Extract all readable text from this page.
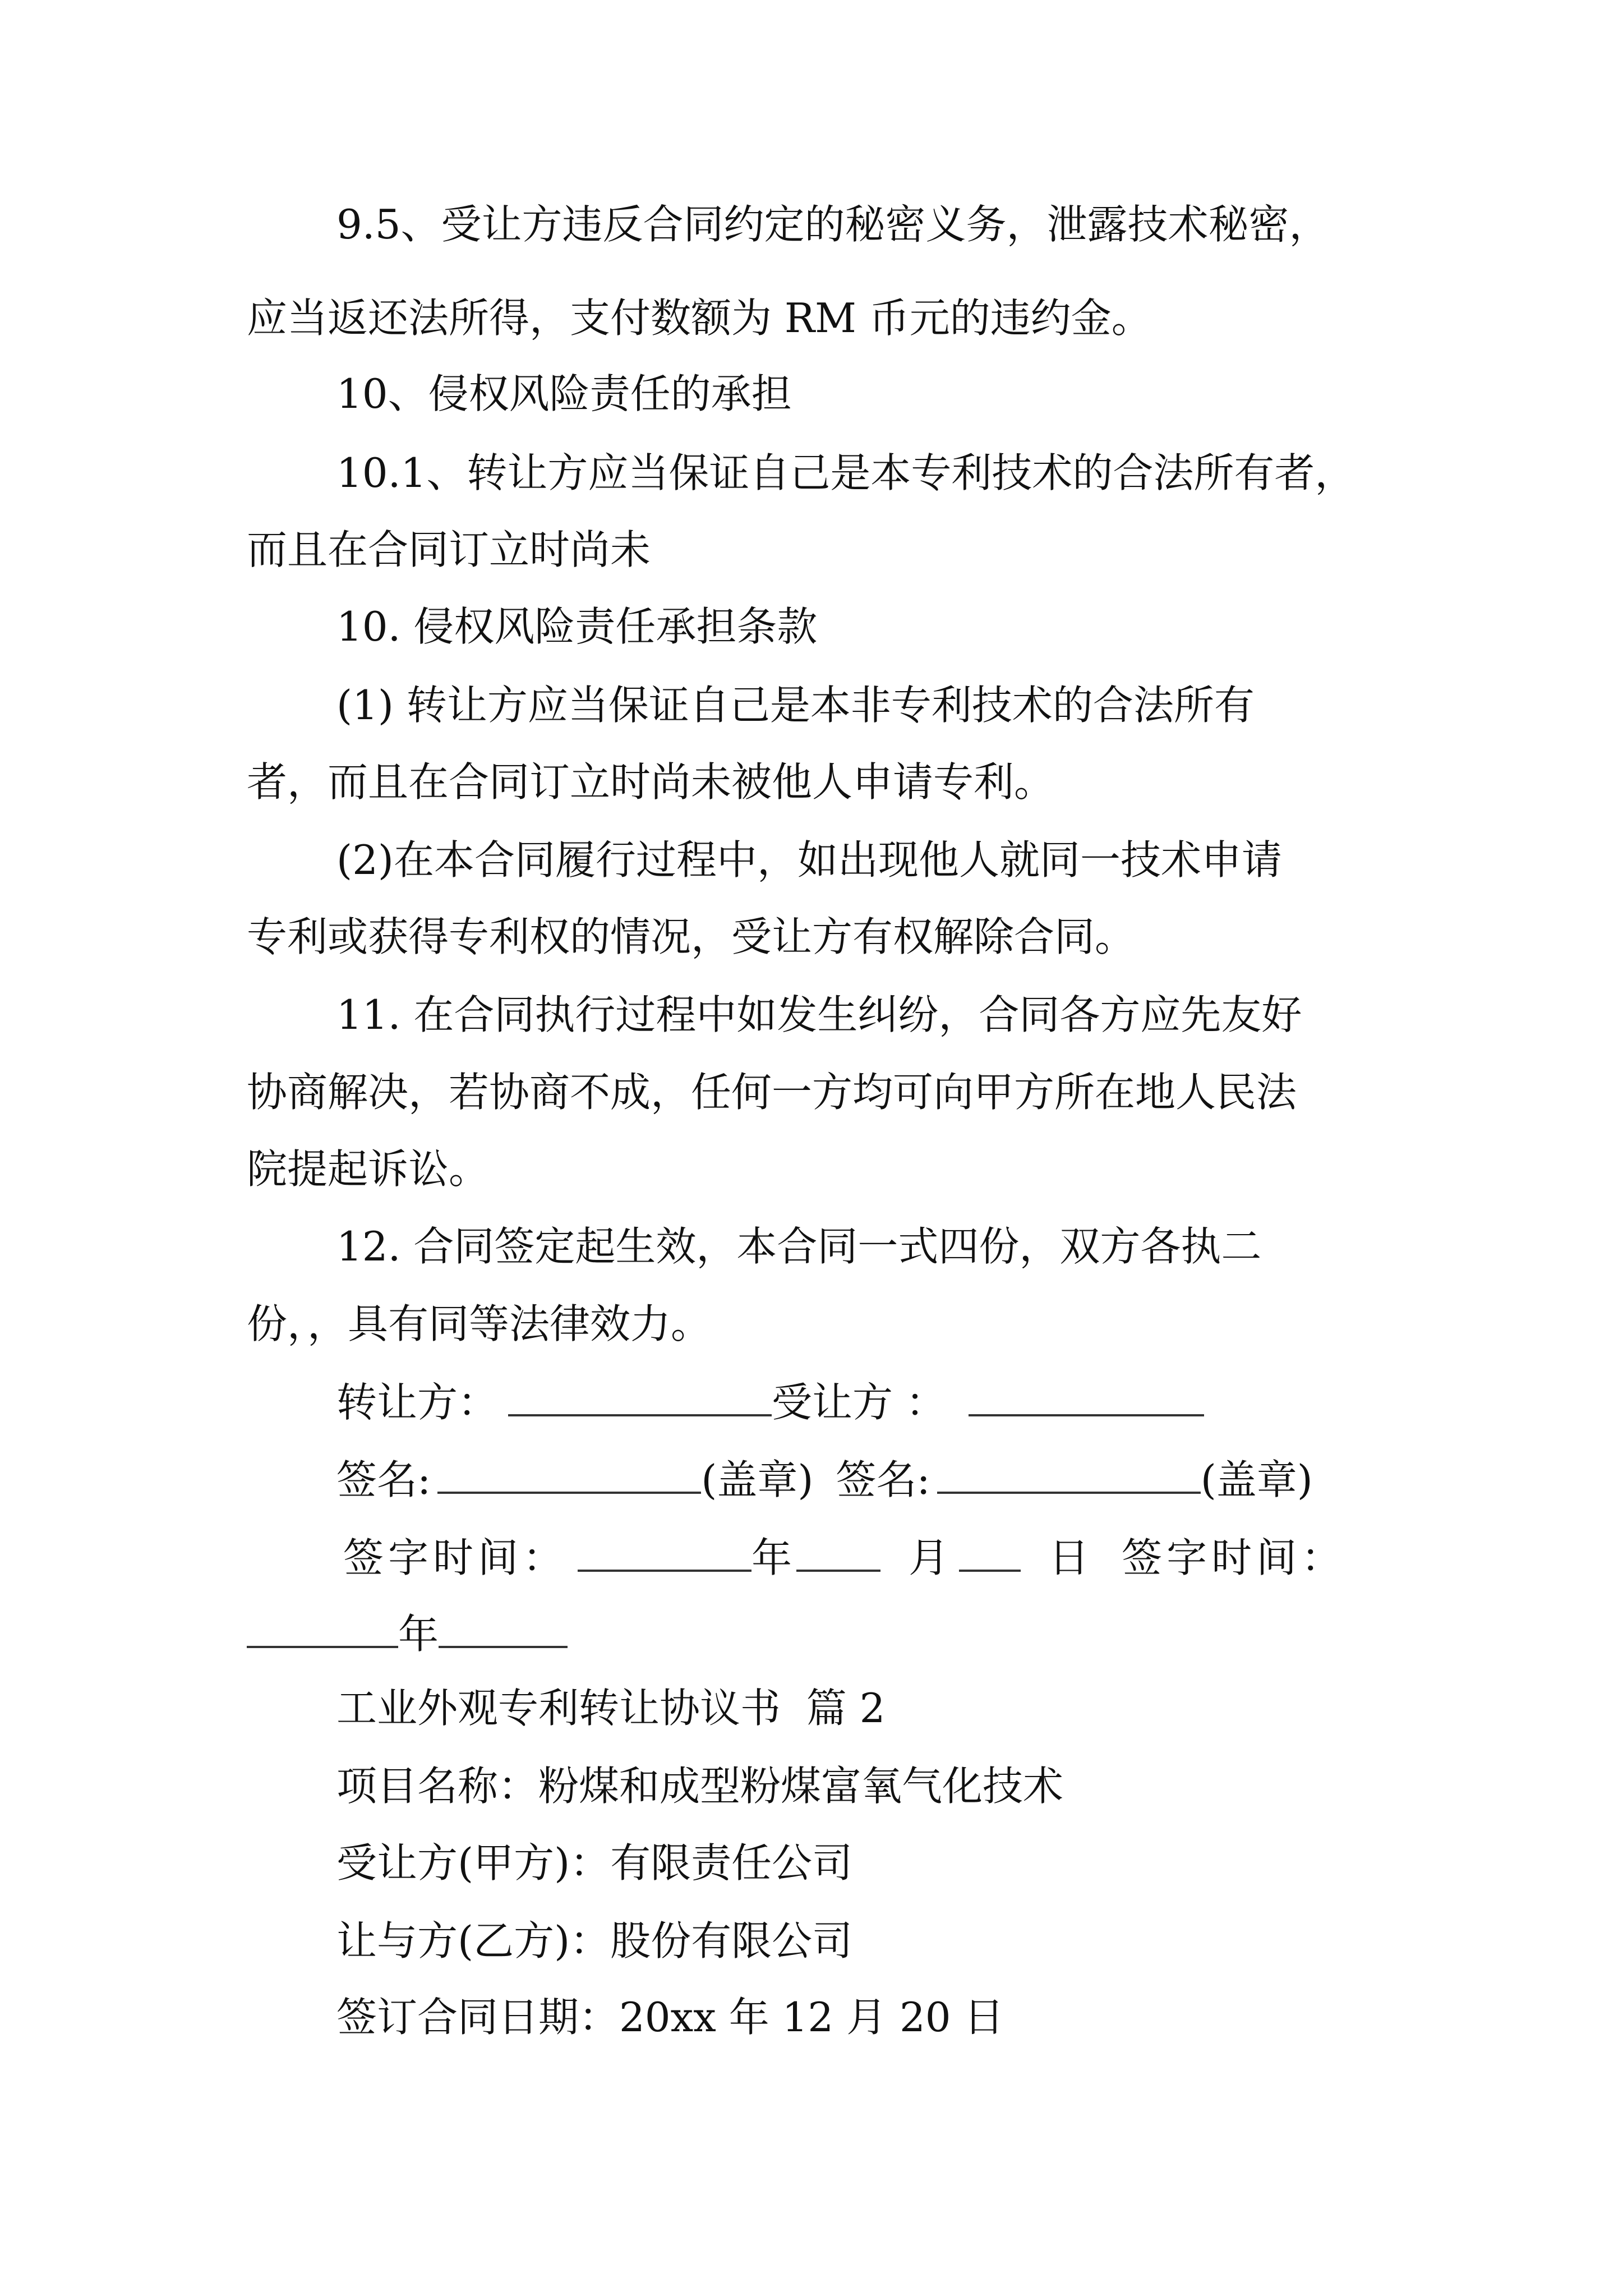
9.5、受让方违反合同约定的秘密义务，泄露技术秘密，
应当返还法所得，支付数额为 RM 币元的违约金。
10、侵权风险责任的承担
10.1、转让方应当保证自己是本专利技术的合法所有者，
而且在合同订立时尚未
10. 侵权风险责任承担条款
(1) 转让方应当保证自己是本非专利技术的合法所有
者，而且在合同订立时尚未被他人申请专利。
(2)在本合同履行过程中，如出现他人就同一技术申请
专利或获得专利权的情况，受让方有权解除合同。
11. 在合同执行过程中如发生纠纷，合同各方应先友好
协商解决，若协商不成，任何一方均可向甲方所在地人民法
院提起诉讼。
12. 合同签定起生效，本合同一式四份，双方各执二
份，，具有同等法律效力。
转让方：	受让方 ：
签名:	(盖章) 签名:	(盖章)
签字时间：	年	月 日 签字时间：
年
工业外观专利转让协议书  篇 2
项目名称：粉煤和成型粉煤富氧气化技术
受让方(甲方)：有限责任公司
让与方(乙方)：股份有限公司
签订合同日期：20xx 年 12 月 20 日
